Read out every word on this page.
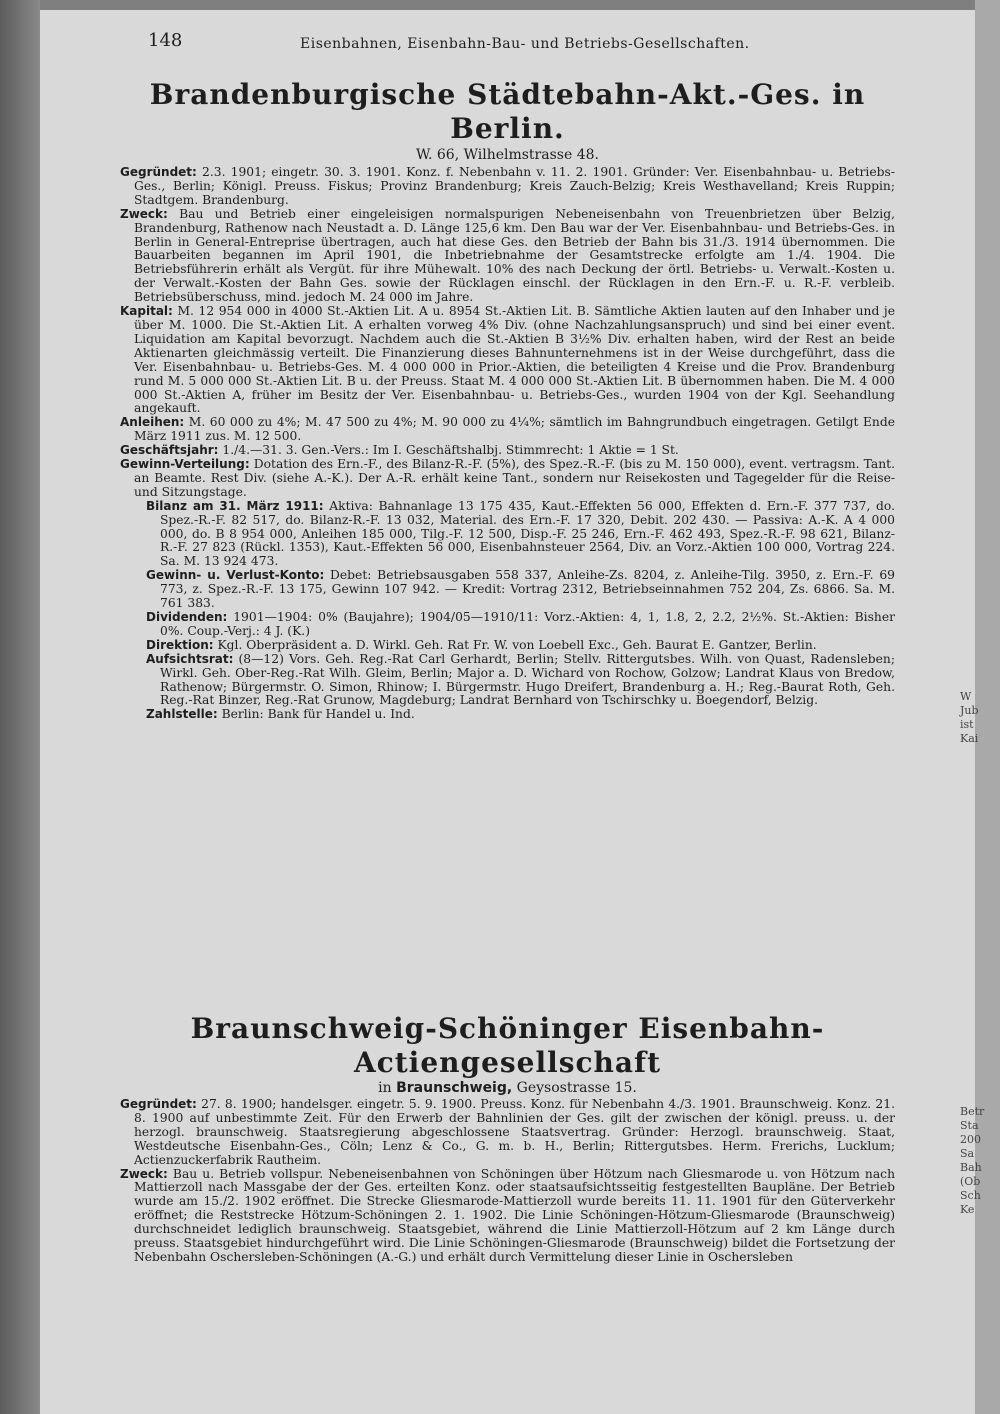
148	Eisenbahnen, Eisenbahn-Bau- und Betriebs-Gesellschaften.
W
Jub
ist
Kai
Betr
Sta
200
Sa
Bah
(Ob
Sch
Ke
Brandenburgische Städtebahn-Akt.-Ges. in Berlin.

W. 66, Wilhelmstrasse 48.

Gegründet: 2.3. 1901; eingetr. 30. 3. 1901. Konz. f. Nebenbahn v. 11. 2. 1901. Gründer: Ver. Eisenbahnbau- u. Betriebs-Ges., Berlin; Königl. Preuss. Fiskus; Provinz Brandenburg; Kreis Zauch-Belzig; Kreis Westhavelland; Kreis Ruppin; Stadtgem. Brandenburg.

Zweck: Bau und Betrieb einer eingeleisigen normalspurigen Nebeneisenbahn von Treuenbrietzen über Belzig, Brandenburg, Rathenow nach Neustadt a. D. Länge 125,6 km. Den Bau war der Ver. Eisenbahnbau- und Betriebs-Ges. in Berlin in General-Entreprise übertragen, auch hat diese Ges. den Betrieb der Bahn bis 31./3. 1914 übernommen. Die Bauarbeiten begannen im April 1901, die Inbetriebnahme der Gesamtstrecke erfolgte am 1./4. 1904. Die Betriebsführerin erhält als Vergüt. für ihre Mühewalt. 10% des nach Deckung der örtl. Betriebs- u. Verwalt.-Kosten u. der Verwalt.-Kosten der Bahn Ges. sowie der Rücklagen einschl. der Rücklagen in den Ern.-F. u. R.-F. verbleib. Betriebsüberschuss, mind. jedoch M. 24 000 im Jahre.

Kapital: M. 12 954 000 in 4000 St.-Aktien Lit. A u. 8954 St.-Aktien Lit. B. Sämtliche Aktien lauten auf den Inhaber und je über M. 1000. Die St.-Aktien Lit. A erhalten vorweg 4% Div. (ohne Nachzahlungsanspruch) und sind bei einer event. Liquidation am Kapital bevorzugt. Nachdem auch die St.-Aktien B 3½% Div. erhalten haben, wird der Rest an beide Aktienarten gleichmässig verteilt. Die Finanzierung dieses Bahnunternehmens ist in der Weise durchgeführt, dass die Ver. Eisenbahnbau- u. Betriebs-Ges. M. 4 000 000 in Prior.-Aktien, die beteiligten 4 Kreise und die Prov. Brandenburg rund M. 5 000 000 St.-Aktien Lit. B u. der Preuss. Staat M. 4 000 000 St.-Aktien Lit. B übernommen haben. Die M. 4 000 000 St.-Aktien A, früher im Besitz der Ver. Eisenbahnbau- u. Betriebs-Ges., wurden 1904 von der Kgl. Seehandlung angekauft.

Anleihen: M. 60 000 zu 4%; M. 47 500 zu 4%; M. 90 000 zu 4¼%; sämtlich im Bahngrundbuch eingetragen. Getilgt Ende März 1911 zus. M. 12 500.

Geschäftsjahr: 1./4.—31. 3. Gen.-Vers.: Im I. Geschäftshalbj. Stimmrecht: 1 Aktie = 1 St.

Gewinn-Verteilung: Dotation des Ern.-F., des Bilanz-R.-F. (5%), des Spez.-R.-F. (bis zu M. 150 000), event. vertragsm. Tant. an Beamte. Rest Div. (siehe A.-K.). Der A.-R. erhält keine Tant., sondern nur Reisekosten und Tagegelder für die Reise- und Sitzungstage.

Bilanz am 31. März 1911: Aktiva: Bahnanlage 13 175 435, Kaut.-Effekten 56 000, Effekten d. Ern.-F. 377 737, do. Spez.-R.-F. 82 517, do. Bilanz-R.-F. 13 032, Material. des Ern.-F. 17 320, Debit. 202 430. — Passiva: A.-K. A 4 000 000, do. B 8 954 000, Anleihen 185 000, Tilg.-F. 12 500, Disp.-F. 25 246, Ern.-F. 462 493, Spez.-R.-F. 98 621, Bilanz-R.-F. 27 823 (Rückl. 1353), Kaut.-Effekten 56 000, Eisenbahnsteuer 2564, Div. an Vorz.-Aktien 100 000, Vortrag 224. Sa. M. 13 924 473.

Gewinn- u. Verlust-Konto: Debet: Betriebsausgaben 558 337, Anleihe-Zs. 8204, z. Anleihe-Tilg. 3950, z. Ern.-F. 69 773, z. Spez.-R.-F. 13 175, Gewinn 107 942. — Kredit: Vortrag 2312, Betriebseinnahmen 752 204, Zs. 6866. Sa. M. 761 383.

Dividenden: 1901—1904: 0% (Baujahre); 1904/05—1910/11: Vorz.-Aktien: 4, 1, 1.8, 2, 2.2, 2½%. St.-Aktien: Bisher 0%. Coup.-Verj.: 4 J. (K.)

Direktion: Kgl. Oberpräsident a. D. Wirkl. Geh. Rat Fr. W. von Loebell Exc., Geh. Baurat E. Gantzer, Berlin.

Aufsichtsrat: (8—12) Vors. Geh. Reg.-Rat Carl Gerhardt, Berlin; Stellv. Rittergutsbes. Wilh. von Quast, Radensleben; Wirkl. Geh. Ober-Reg.-Rat Wilh. Gleim, Berlin; Major a. D. Wichard von Rochow, Golzow; Landrat Klaus von Bredow, Rathenow; Bürgermstr. O. Simon, Rhinow; I. Bürgermstr. Hugo Dreifert, Brandenburg a. H.; Reg.-Baurat Roth, Geh. Reg.-Rat Binzer, Reg.-Rat Grunow, Magdeburg; Landrat Bernhard von Tschirschky u. Boegendorf, Belzig.

Zahlstelle: Berlin: Bank für Handel u. Ind.

Braunschweig-Schöninger Eisenbahn-Actiengesellschaft

in Braunschweig, Geysostrasse 15.

Gegründet: 27. 8. 1900; handelsger. eingetr. 5. 9. 1900. Preuss. Konz. für Nebenbahn 4./3. 1901. Braunschweig. Konz. 21. 8. 1900 auf unbestimmte Zeit. Für den Erwerb der Bahnlinien der Ges. gilt der zwischen der königl. preuss. u. der herzogl. braunschweig. Staatsregierung abgeschlossene Staatsvertrag. Gründer: Herzogl. braunschweig. Staat, Westdeutsche Eisenbahn-Ges., Cöln; Lenz & Co., G. m. b. H., Berlin; Rittergutsbes. Herm. Frerichs, Lucklum; Actienzuckerfabrik Rautheim.

Zweck: Bau u. Betrieb vollspur. Nebeneisenbahnen von Schöningen über Hötzum nach Gliesmarode u. von Hötzum nach Mattierzoll nach Massgabe der der Ges. erteilten Konz. oder staatsaufsichtsseitig festgestellten Baupläne. Der Betrieb wurde am 15./2. 1902 eröffnet. Die Strecke Gliesmarode-Mattierzoll wurde bereits 11. 11. 1901 für den Güterverkehr eröffnet; die Reststrecke Hötzum-Schöningen 2. 1. 1902. Die Linie Schöningen-Hötzum-Gliesmarode (Braunschweig) durchschneidet lediglich braunschweig. Staatsgebiet, während die Linie Mattierzoll-Hötzum auf 2 km Länge durch preuss. Staatsgebiet hindurchgeführt wird. Die Linie Schöningen-Gliesmarode (Braunschweig) bildet die Fortsetzung der Nebenbahn Oschersleben-Schöningen (A.-G.) und erhält durch Vermittelung dieser Linie in Oschersleben
